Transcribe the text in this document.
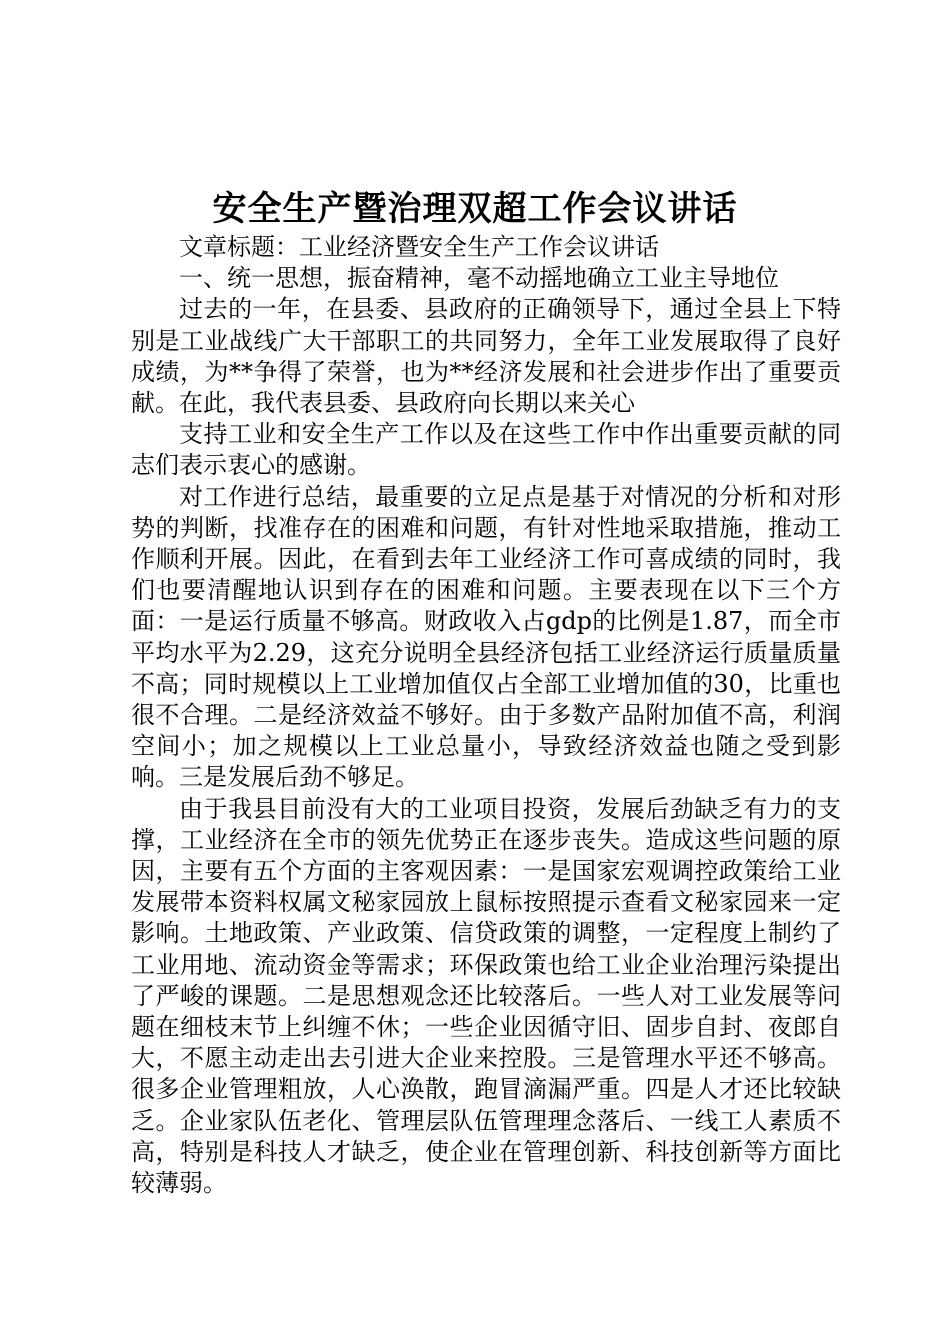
安全生产暨治理双超工作会议讲话

文章标题：工业经济暨安全生产工作会议讲话

一、统一思想，振奋精神，毫不动摇地确立工业主导地位

过去的一年，在县委、县政府的正确领导下，通过全县上下特别是工业战线广大干部职工的共同努力，全年工业发展取得了良好成绩，为**争得了荣誉，也为**经济发展和社会进步作出了重要贡献。在此，我代表县委、县政府向长期以来关心

支持工业和安全生产工作以及在这些工作中作出重要贡献的同志们表示衷心的感谢。

对工作进行总结，最重要的立足点是基于对情况的分析和对形势的判断，找准存在的困难和问题，有针对性地采取措施，推动工作顺利开展。因此，在看到去年工业经济工作可喜成绩的同时，我们也要清醒地认识到存在的困难和问题。主要表现在以下三个方面：一是运行质量不够高。财政收入占gdp的比例是1.87，而全市平均水平为2.29，这充分说明全县经济包括工业经济运行质量质量不高；同时规模以上工业增加值仅占全部工业增加值的30，比重也很不合理。二是经济效益不够好。由于多数产品附加值不高，利润空间小；加之规模以上工业总量小，导致经济效益也随之受到影响。三是发展后劲不够足。

由于我县目前没有大的工业项目投资，发展后劲缺乏有力的支撑，工业经济在全市的领先优势正在逐步丧失。造成这些问题的原因，主要有五个方面的主客观因素：一是国家宏观调控政策给工业发展带本资料权属文秘家园放上鼠标按照提示查看文秘家园来一定影响。土地政策、产业政策、信贷政策的调整，一定程度上制约了工业用地、流动资金等需求；环保政策也给工业企业治理污染提出了严峻的课题。二是思想观念还比较落后。一些人对工业发展等问题在细枝末节上纠缠不休；一些企业因循守旧、固步自封、夜郎自大，不愿主动走出去引进大企业来控股。三是管理水平还不够高。很多企业管理粗放，人心涣散，跑冒滴漏严重。四是人才还比较缺乏。企业家队伍老化、管理层队伍管理理念落后、一线工人素质不高，特别是科技人才缺乏，使企业在管理创新、科技创新等方面比较薄弱。
